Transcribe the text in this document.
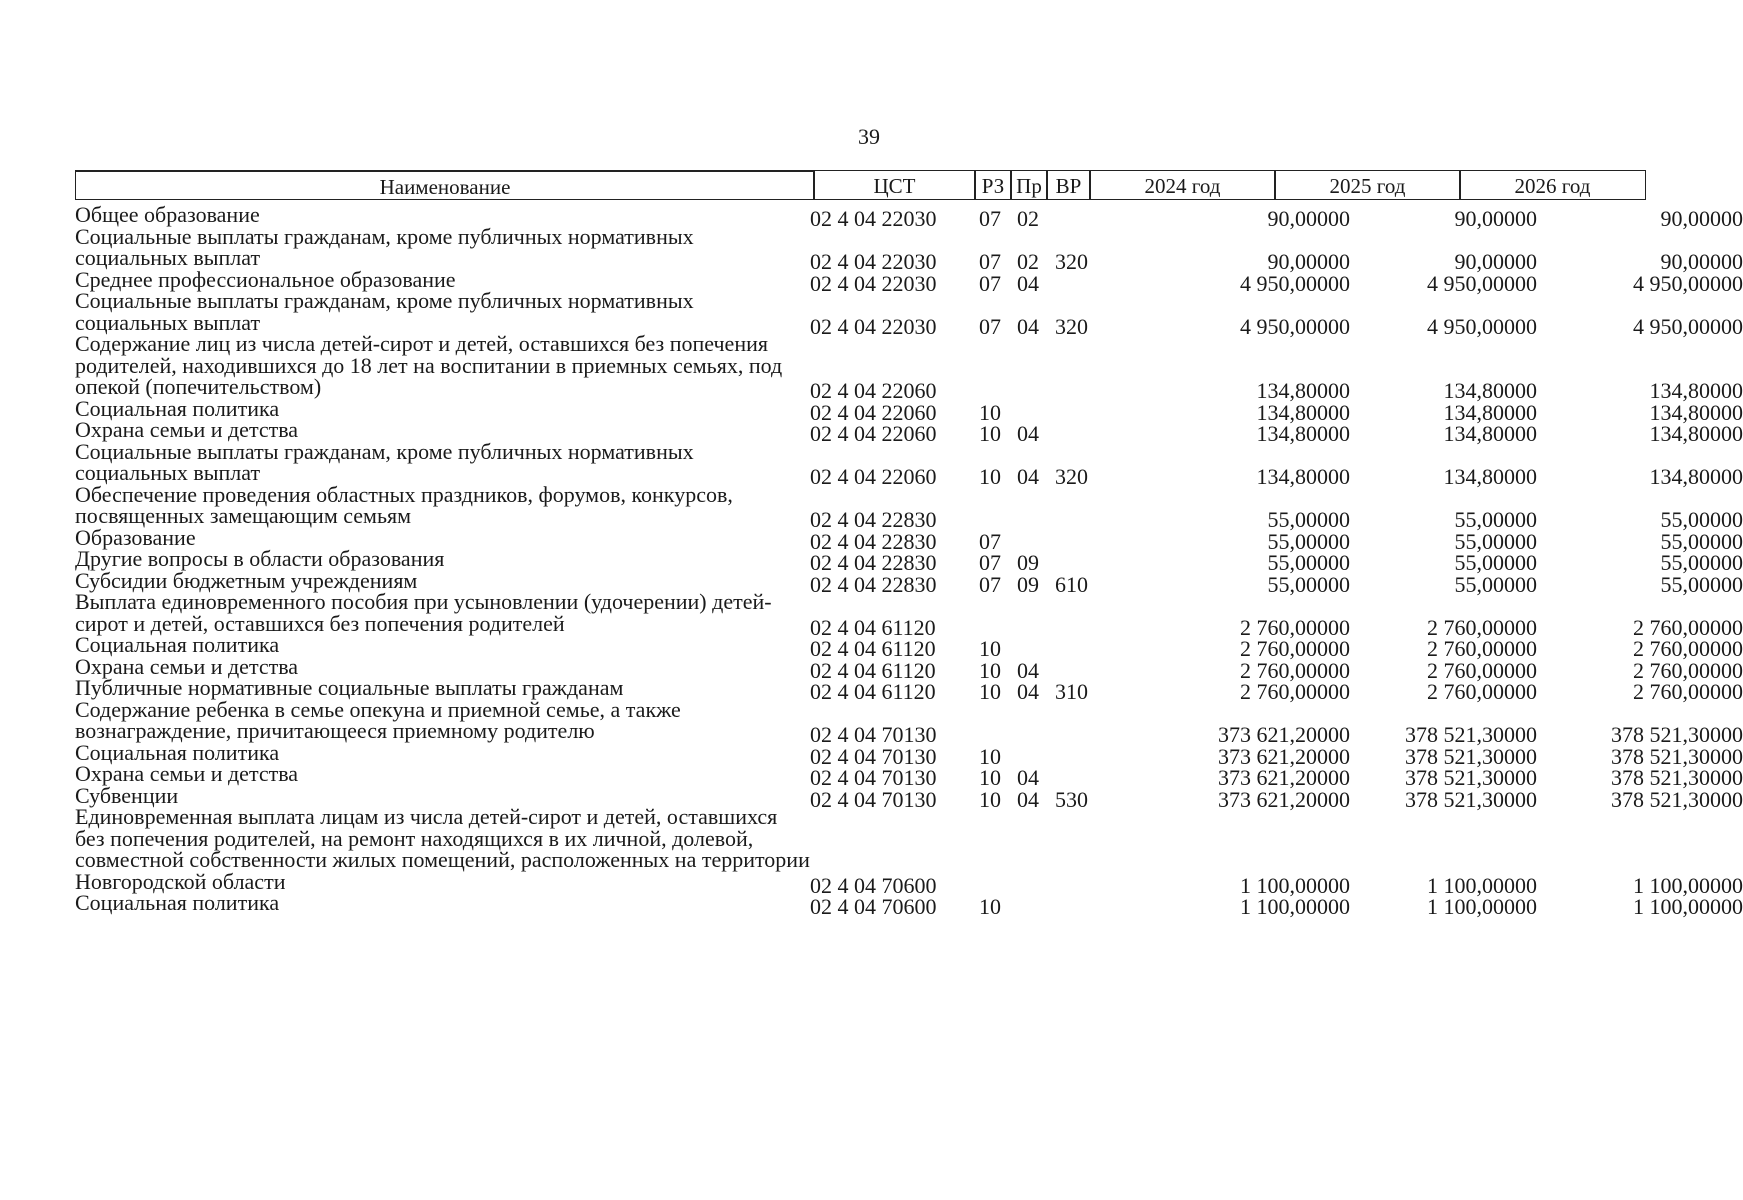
39
Наименование	ЦСТ	РЗ Пр ВР	2024 год	2025 год	2026 год
Общее образование	02 4 04 22030	07 02	90,00000	90,00000	90,00000
Социальные выплаты гражданам, кроме публичных нормативных социальных выплат	02 4 04 22030	07 02 320	90,00000	90,00000	90,00000
Среднее профессиональное образование	02 4 04 22030	07 04	4 950,00000	4 950,00000	4 950,00000
Социальные выплаты гражданам, кроме публичных нормативных социальных выплат	02 4 04 22030	07 04 320	4 950,00000	4 950,00000	4 950,00000
Содержание лиц из числа детей-сирот и детей, оставшихся без попечения родителей, находившихся до 18 лет на воспитании в приемных семьях, под опекой (попечительством)	02 4 04 22060	134,80000	134,80000	134,80000
Социальная политика	02 4 04 22060	10	134,80000	134,80000	134,80000
Охрана семьи и детства	02 4 04 22060	10 04	134,80000	134,80000	134,80000
Социальные выплаты гражданам, кроме публичных нормативных социальных выплат	02 4 04 22060	10 04 320	134,80000	134,80000	134,80000
Обеспечение проведения областных праздников, форумов, конкурсов, посвященных замещающим семьям	02 4 04 22830	55,00000	55,00000	55,00000
Образование	02 4 04 22830	07	55,00000	55,00000	55,00000
Другие вопросы в области образования	02 4 04 22830	07 09	55,00000	55,00000	55,00000
Субсидии бюджетным учреждениям	02 4 04 22830	07 09 610	55,00000	55,00000	55,00000
Выплата единовременного пособия при усыновлении (удочерении) детей-сирот и детей, оставшихся без попечения родителей	02 4 04 61120	2 760,00000	2 760,00000	2 760,00000
Социальная политика	02 4 04 61120	10	2 760,00000	2 760,00000	2 760,00000
Охрана семьи и детства	02 4 04 61120	10 04	2 760,00000	2 760,00000	2 760,00000
Публичные нормативные социальные выплаты гражданам	02 4 04 61120	10 04 310	2 760,00000	2 760,00000	2 760,00000
Содержание ребенка в семье опекуна и приемной семье, а также вознаграждение, причитающееся приемному родителю	02 4 04 70130	373 621,20000	378 521,30000	378 521,30000
Социальная политика	02 4 04 70130	10	373 621,20000	378 521,30000	378 521,30000
Охрана семьи и детства	02 4 04 70130	10 04	373 621,20000	378 521,30000	378 521,30000
Субвенции	02 4 04 70130	10 04 530	373 621,20000	378 521,30000	378 521,30000
Единовременная выплата лицам из числа детей-сирот и детей, оставшихся без попечения родителей, на ремонт находящихся в их личной, долевой, совместной собственности жилых помещений, расположенных на территории Новгородской области	02 4 04 70600	1 100,00000	1 100,00000	1 100,00000
Социальная политика	02 4 04 70600	10	1 100,00000	1 100,00000	1 100,00000
